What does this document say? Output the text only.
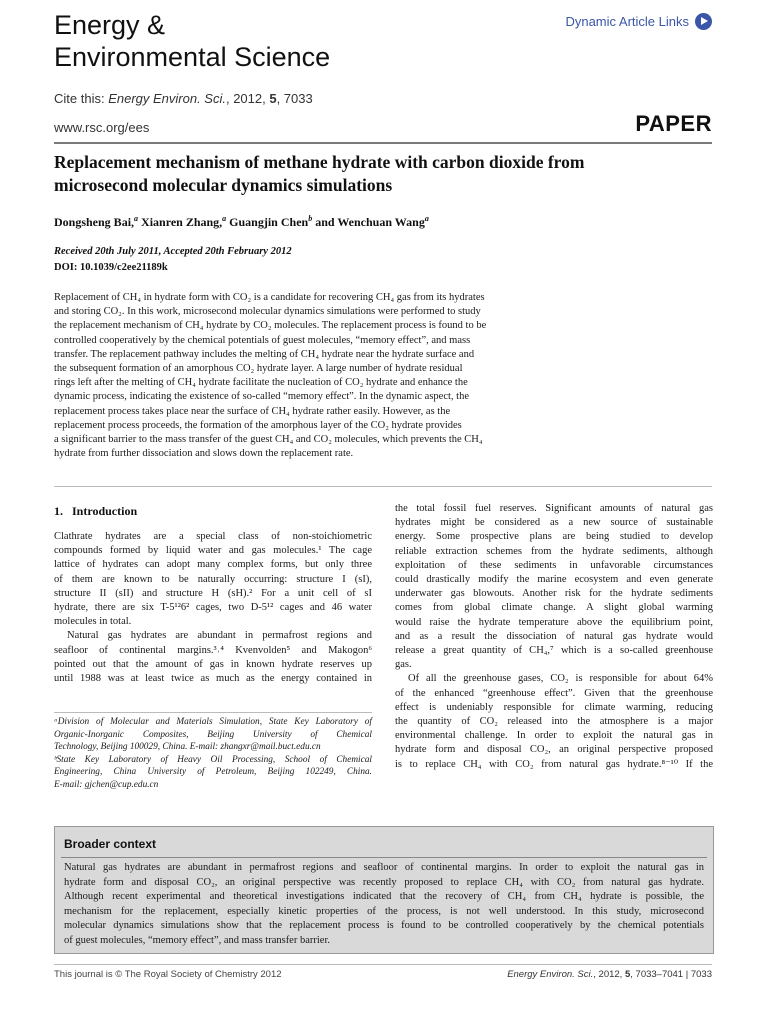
Energy &
Environmental Science
Dynamic Article Links
Cite this: Energy Environ. Sci., 2012, 5, 7033
www.rsc.org/ees	PAPER
Replacement mechanism of methane hydrate with carbon dioxide from
microsecond molecular dynamics simulations
Dongsheng Bai,$^a$ Xianren Zhang,$^a$ Guangjin Chen$^b$ and Wenchuan Wang$^a$
Received 20th July 2011, Accepted 20th February 2012
DOI: 10.1039/c2ee21189k
Replacement of CH₄ in hydrate form with CO₂ is a candidate for recovering CH₄ gas from its hydrates
and storing CO₂. In this work, microsecond molecular dynamics simulations were performed to study
the replacement mechanism of CH₄ hydrate by CO₂ molecules. The replacement process is found to be
controlled cooperatively by the chemical potentials of guest molecules, “memory effect”, and mass
transfer. The replacement pathway includes the melting of CH₄ hydrate near the hydrate surface and
the subsequent formation of an amorphous CO₂ hydrate layer. A large number of hydrate residual
rings left after the melting of CH₄ hydrate facilitate the nucleation of CO₂ hydrate and enhance the
dynamic process, indicating the existence of so-called “memory effect”. In the dynamic aspect, the
replacement process takes place near the surface of CH₄ hydrate rather easily. However, as the
replacement process proceeds, the formation of the amorphous layer of the CO₂ hydrate provides
a significant barrier to the mass transfer of the guest CH₄ and CO₂ molecules, which prevents the CH₄
hydrate from further dissociation and slows down the replacement rate.
1.   Introduction
Clathrate hydrates are a special class of non-stoichiometric
compounds formed by liquid water and gas molecules.¹ The cage
lattice of hydrates can adopt many complex forms, but only three
of them are known to be naturally occurring: structure I (sI),
structure II (sII) and structure H (sH).² For a unit cell of sI
hydrate, there are six T-5¹²6² cages, two D-5¹² cages and 46 water
molecules in total.
Natural gas hydrates are abundant in permafrost regions and
seafloor of continental margins.³˒⁴ Kvenvolden⁵ and Makogon⁶
pointed out that the amount of gas in known hydrate reserves up
until 1988 was at least twice as much as the energy contained in
ᵃDivision of Molecular and Materials Simulation, State Key Laboratory of
Organic-Inorganic Composites, Beijing University of Chemical
Technology, Beijing 100029, China. E-mail: zhangxr@mail.buct.edu.cn
ᵇState Key Laboratory of Heavy Oil Processing, School of Chemical
Engineering, China University of Petroleum, Beijing 102249, China.
E-mail: gjchen@cup.edu.cn
the total fossil fuel reserves. Significant amounts of natural gas
hydrates might be considered as a new source of sustainable
energy. Some prospective plans are being studied to develop
reliable extraction schemes from the hydrate sediments, although
exploitation of these sediments in unfavorable circumstances
could drastically modify the marine ecosystem and even generate
underwater gas blowouts. Another risk for the hydrate sediments
comes from global climate change. A slight global warming
would raise the hydrate temperature above the equilibrium point,
and as a result the dissociation of natural gas hydrate would
release a great quantity of CH₄,⁷ which is a so-called greenhouse
gas.
Of all the greenhouse gases, CO₂ is responsible for about 64%
of the enhanced “greenhouse effect”. Given that the greenhouse
effect is undeniably responsible for climate warming, reducing
the quantity of CO₂ released into the atmosphere is a major
environmental challenge. In order to exploit the natural gas in
hydrate form and disposal CO₂, an original perspective proposed
is to replace CH₄ with CO₂ from natural gas hydrate.⁸⁻¹⁰ If the
Broader context
Natural gas hydrates are abundant in permafrost regions and seafloor of continental margins. In order to exploit the natural gas in
hydrate form and disposal CO₂, an original perspective was recently proposed to replace CH₄ with CO₂ from natural gas hydrate.
Although recent experimental and theoretical investigations indicated that the recovery of CH₄ from CH₄ hydrate is possible, the
mechanism for the replacement, especially kinetic properties of the process, is not well understood. In this study, microsecond
molecular dynamics simulations show that the replacement process is found to be controlled cooperatively by the chemical potentials
of guest molecules, “memory effect”, and mass transfer barrier.
This journal is © The Royal Society of Chemistry 2012	Energy Environ. Sci., 2012, 5, 7033–7041 | 7033
